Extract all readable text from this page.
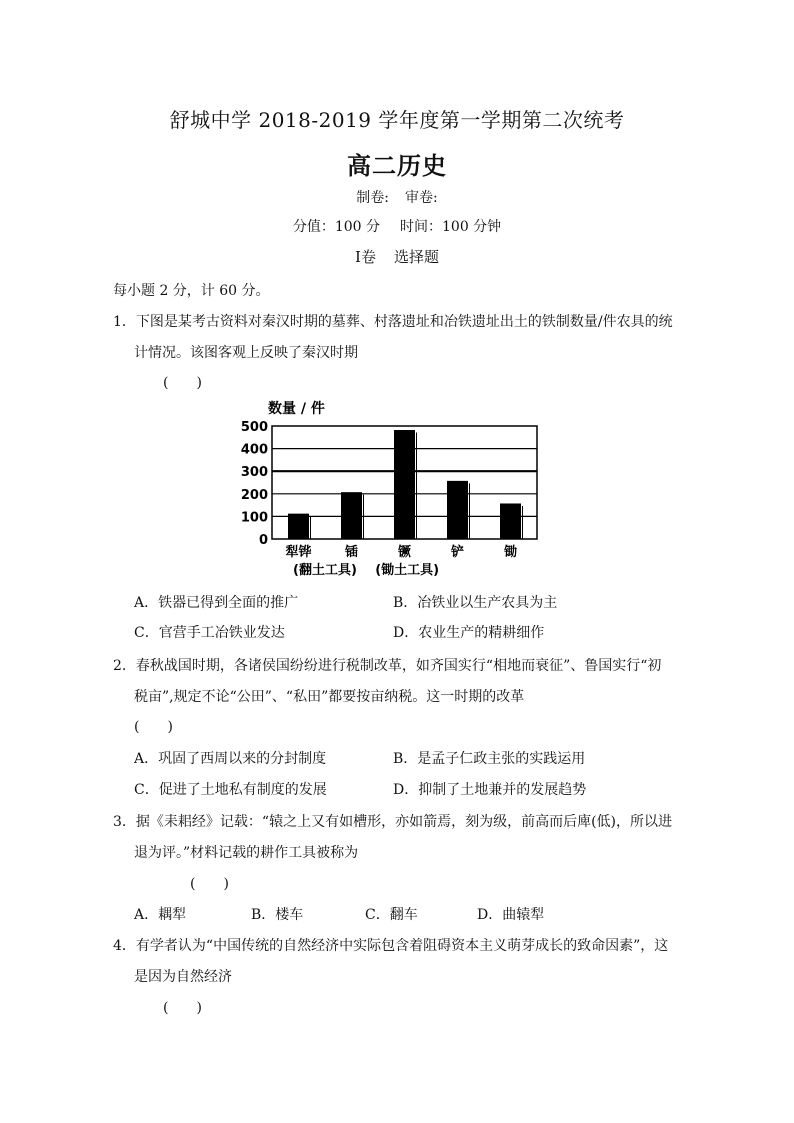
舒城中学 2018-2019 学年度第一学期第二次统考
高二历史
制卷: 审卷:
分值：100 分 时间：100 分钟
Ⅰ卷 选择题
每小题 2 分，计 60 分。
1．下图是某考古资料对秦汉时期的墓葬、村落遗址和冶铁遗址出土的铁制数量/件农具的统
计情况。该图客观上反映了秦汉时期
(　　)
数量 / 件
0
100
200
300
400
500
犁铧	锸	镢	铲	锄
(翻土工具) (锄土工具)
A．铁器已得到全面的推广	B．冶铁业以生产农具为主
C．官营手工冶铁业发达	D．农业生产的精耕细作
2．春秋战国时期，各诸侯国纷纷进行税制改革，如齐国实行“相地而衰征”、鲁国实行“初
税亩”,规定不论“公田”、“私田”都要按亩纳税。这一时期的改革
(　　)
A．巩固了西周以来的分封制度	B．是孟子仁政主张的实践运用
C．促进了土地私有制度的发展	D．抑制了土地兼并的发展趋势
3．据《耒耜经》记载：“辕之上又有如槽形，亦如箭焉，刻为级，前高而后庳(低)，所以进
退为评。”材料记载的耕作工具被称为
(　　)
A．耦犁	B．楼车	C．翻车	D．曲辕犁
4．有学者认为“中国传统的自然经济中实际包含着阻碍资本主义萌芽成长的致命因素”，这
是因为自然经济
(　　)
